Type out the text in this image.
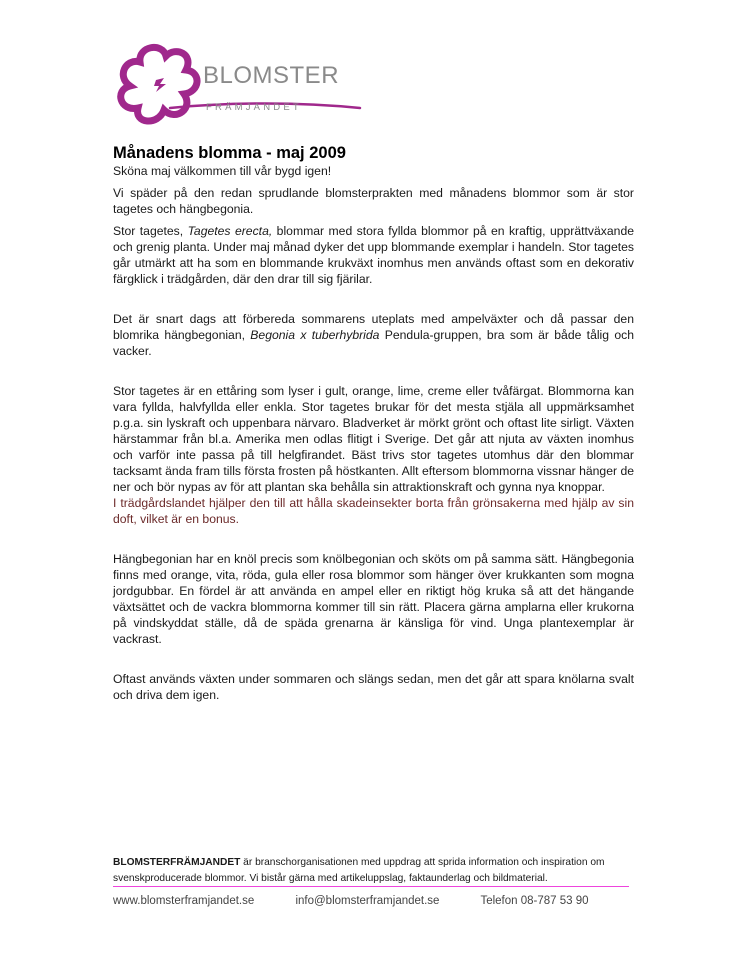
BLOMSTER
FRÄMJANDET
Månadens blomma - maj 2009

Sköna maj välkommen till vår bygd igen!

Vi späder på den redan sprudlande blomsterprakten med månadens blommor som är stor tagetes och hängbegonia.

Stor tagetes, Tagetes erecta, blommar med stora fyllda blommor på en kraftig, upprättväxande och grenig planta. Under maj månad dyker det upp blommande exemplar i handeln. Stor tagetes går utmärkt att ha som en blommande krukväxt inomhus men används oftast som en dekorativ färgklick i trädgården, där den drar till sig fjärilar.

Det är snart dags att förbereda sommarens uteplats med ampelväxter och då passar den blomrika hängbegonian, Begonia x tuberhybrida Pendula-gruppen, bra som är både tålig och vacker.

Stor tagetes är en ettåring som lyser i gult, orange, lime, creme eller tvåfärgat. Blommorna kan vara fyllda, halvfyllda eller enkla. Stor tagetes brukar för det mesta stjäla all uppmärksamhet p.g.a. sin lyskraft och uppenbara närvaro. Bladverket är mörkt grönt och oftast lite sirligt. Växten härstammar från bl.a. Amerika men odlas flitigt i Sverige. Det går att njuta av växten inomhus och varför inte passa på till helgfirandet. Bäst trivs stor tagetes utomhus där den blommar tacksamt ända fram tills första frosten på höstkanten. Allt eftersom blommorna vissnar hänger de ner och bör nypas av för att plantan ska behålla sin attraktionskraft och gynna nya knoppar.
I trädgårdslandet hjälper den till att hålla skadeinsekter borta från grönsakerna med hjälp av sin doft, vilket är en bonus.

Hängbegonian har en knöl precis som knölbegonian och sköts om på samma sätt. Hängbegonia finns med orange, vita, röda, gula eller rosa blommor som hänger över krukkanten som mogna jordgubbar. En fördel är att använda en ampel eller en riktigt hög kruka så att det hängande växtsättet och de vackra blommorna kommer till sin rätt. Placera gärna amplarna eller krukorna på vindskyddat ställe, då de späda grenarna är känsliga för vind. Unga plantexemplar är vackrast.

Oftast används växten under sommaren och slängs sedan, men det går att spara knölarna svalt och driva dem igen.

BLOMSTERFRÄMJANDET är branschorganisationen med uppdrag att sprida information och inspiration om svenskproducerade blommor. Vi bistår gärna med artikeluppslag, faktaunderlag och bildmaterial.
www.blomsterframjandet.se	info@blomsterframjandet.se	Telefon 08-787 53 90
